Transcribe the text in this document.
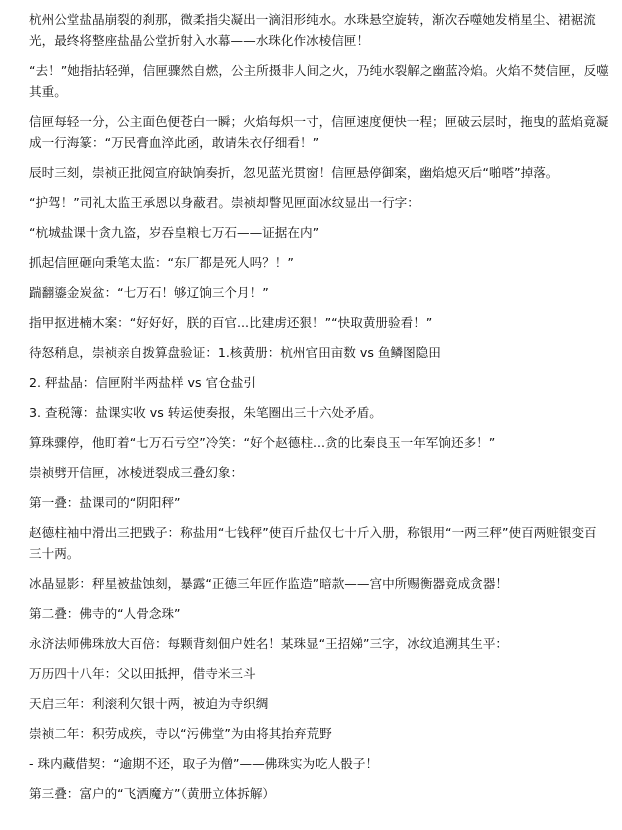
杭州公堂盐晶崩裂的刹那，微柔指尖凝出一滴泪形纯水。水珠悬空旋转，渐次吞噬她发梢星尘、裙裾流光，最终将整座盐晶公堂折射入水幕——水珠化作冰棱信匣！

“去！”她指拈轻弹，信匣骤然自燃，公主所摄非人间之火，乃纯水裂解之幽蓝冷焰。火焰不焚信匣，反噬其重。

信匣每轻一分，公主面色便苍白一瞬；火焰每炽一寸，信匣速度便快一程；匣破云层时，拖曳的蓝焰竟凝成一行海篆：“万民膏血淬此函，敢请朱衣仔细看！”

辰时三刻，崇祯正批阅宣府缺饷奏折，忽见蓝光贯窗！信匣悬停御案，幽焰熄灭后“啪嗒”掉落。

“护驾！”司礼太监王承恩以身蔽君。崇祯却瞥见匣面冰纹显出一行字：

“杭城盐课十贪九盗，岁吞皇粮七万石——证据在内”

抓起信匣砸向秉笔太监：“东厂都是死人吗？！”

踹翻鎏金炭盆：“七万石！够辽饷三个月！”

指甲抠进楠木案：“好好好，朕的百官...比建虏还狠！”“快取黄册验看！”

待怒稍息，崇祯亲自拨算盘验证：1.核黄册：杭州官田亩数 vs 鱼鳞图隐田

2. 秤盐晶：信匣附半两盐样 vs 官仓盐引

3. 查税簿：盐课实收 vs 转运使奏报，朱笔圈出三十六处矛盾。

算珠骤停，他盯着“七万石亏空”冷笑：“好个赵德柱...贪的比秦良玉一年军饷还多！”

崇祯劈开信匣，冰棱迸裂成三叠幻象：

第一叠：盐课司的“阴阳秤”

赵德柱袖中滑出三把戥子：称盐用“七钱秤”使百斤盐仅七十斤入册，称银用“一两三秤”使百两赃银变百三十两。

冰晶显影：秤星被盐蚀刻，暴露“正德三年匠作监造”暗款——宫中所赐衡器竟成贪器！

第二叠：佛寺的“人骨念珠”

永济法师佛珠放大百倍：每颗背刻佃户姓名！某珠显“王招娣”三字，冰纹追溯其生平：

万历四十八年：父以田抵押，借寺米三斗

天启三年：利滚利欠银十两，被迫为寺织绸

崇祯二年：积劳成疾，寺以“污佛堂”为由将其抬弃荒野

- 珠内藏借契：“逾期不还，取子为僧”——佛珠实为吃人骰子！

第三叠：富户的“飞洒魔方”（黄册立体拆解）
